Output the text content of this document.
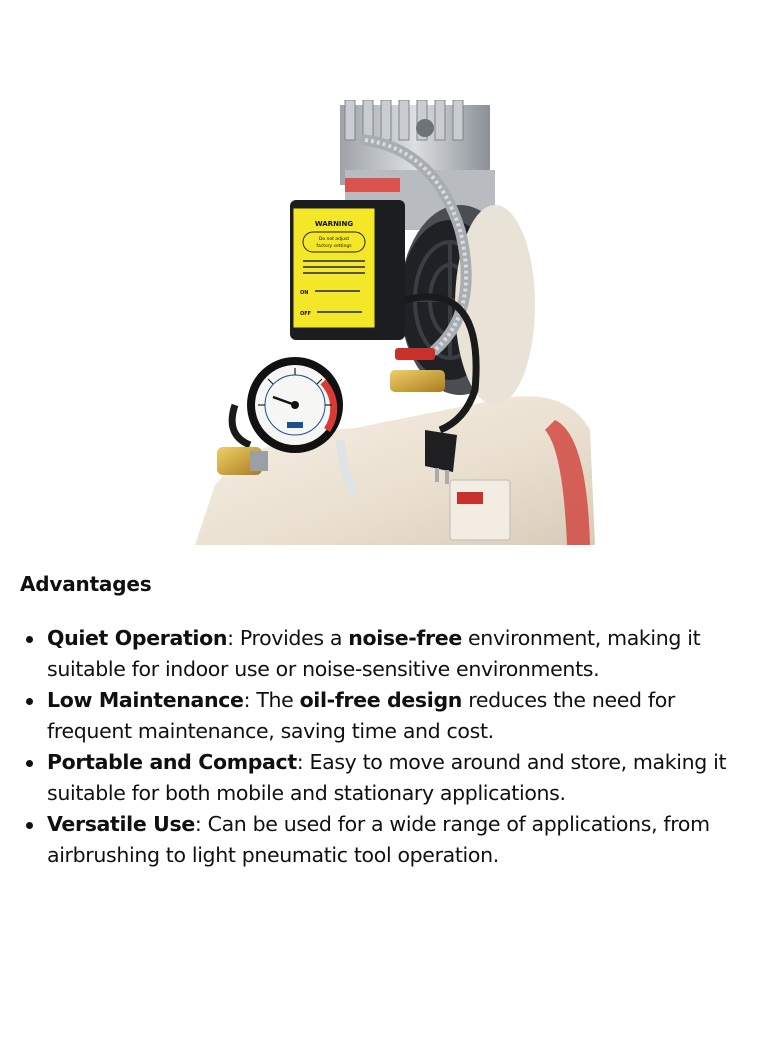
WARNING
Do not adjust
factory settings
ON
OFF
Advantages
Quiet Operation: Provides a noise-free environment, making it suitable for indoor use or noise-sensitive environments.
Low Maintenance: The oil-free design reduces the need for frequent maintenance, saving time and cost.
Portable and Compact: Easy to move around and store, making it suitable for both mobile and stationary applications.
Versatile Use: Can be used for a wide range of applications, from airbrushing to light pneumatic tool operation.
